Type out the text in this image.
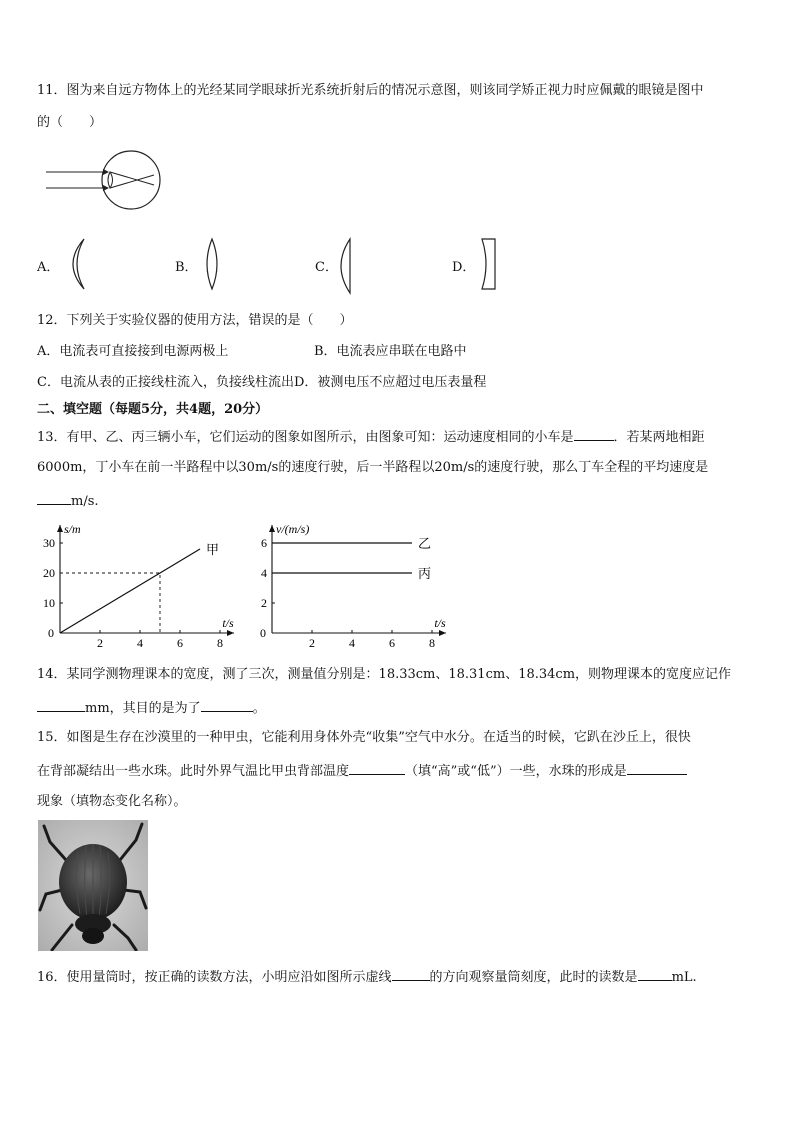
11．图为来自远方物体上的光经某同学眼球折光系统折射后的情况示意图，则该同学矫正视力时应佩戴的眼镜是图中
的（　　）
A．	B．	C．	D．
12．下列关于实验仪器的使用方法，错误的是（　　）
A．电流表可直接接到电源两极上	B．电流表应串联在电路中
C．电流从表的正接线柱流入，负接线柱流出D．被测电压不应超过电压表量程
二、填空题（每题5分，共4题，20分）
13．有甲、乙、丙三辆小车，它们运动的图象如图所示，由图象可知：运动速度相同的小车是	．若某两地相距
6000m，丁小车在前一半路程中以30m/s的速度行驶，后一半路程以20m/s的速度行驶，那么丁车全程的平均速度是
m/s.
0
2	4	6	8
10
20
30
t/s
s/m
甲
0
2	4	6	8
2
4
6
t/s
v/(m/s)
乙
丙
14．某同学测物理课本的宽度，测了三次，测量值分别是：18.33cm、18.31cm、18.34cm，则物理课本的宽度应记作
mm，其目的是为了	。
15．如图是生存在沙漠里的一种甲虫，它能利用身体外壳“收集”空气中水分。在适当的时候，它趴在沙丘上，很快
在背部凝结出一些水珠。此时外界气温比甲虫背部温度	（填“高”或“低”）一些，水珠的形成是
现象（填物态变化名称）。
16．使用量筒时，按正确的读数方法，小明应沿如图所示虚线	的方向观察量筒刻度，此时的读数是	mL.
